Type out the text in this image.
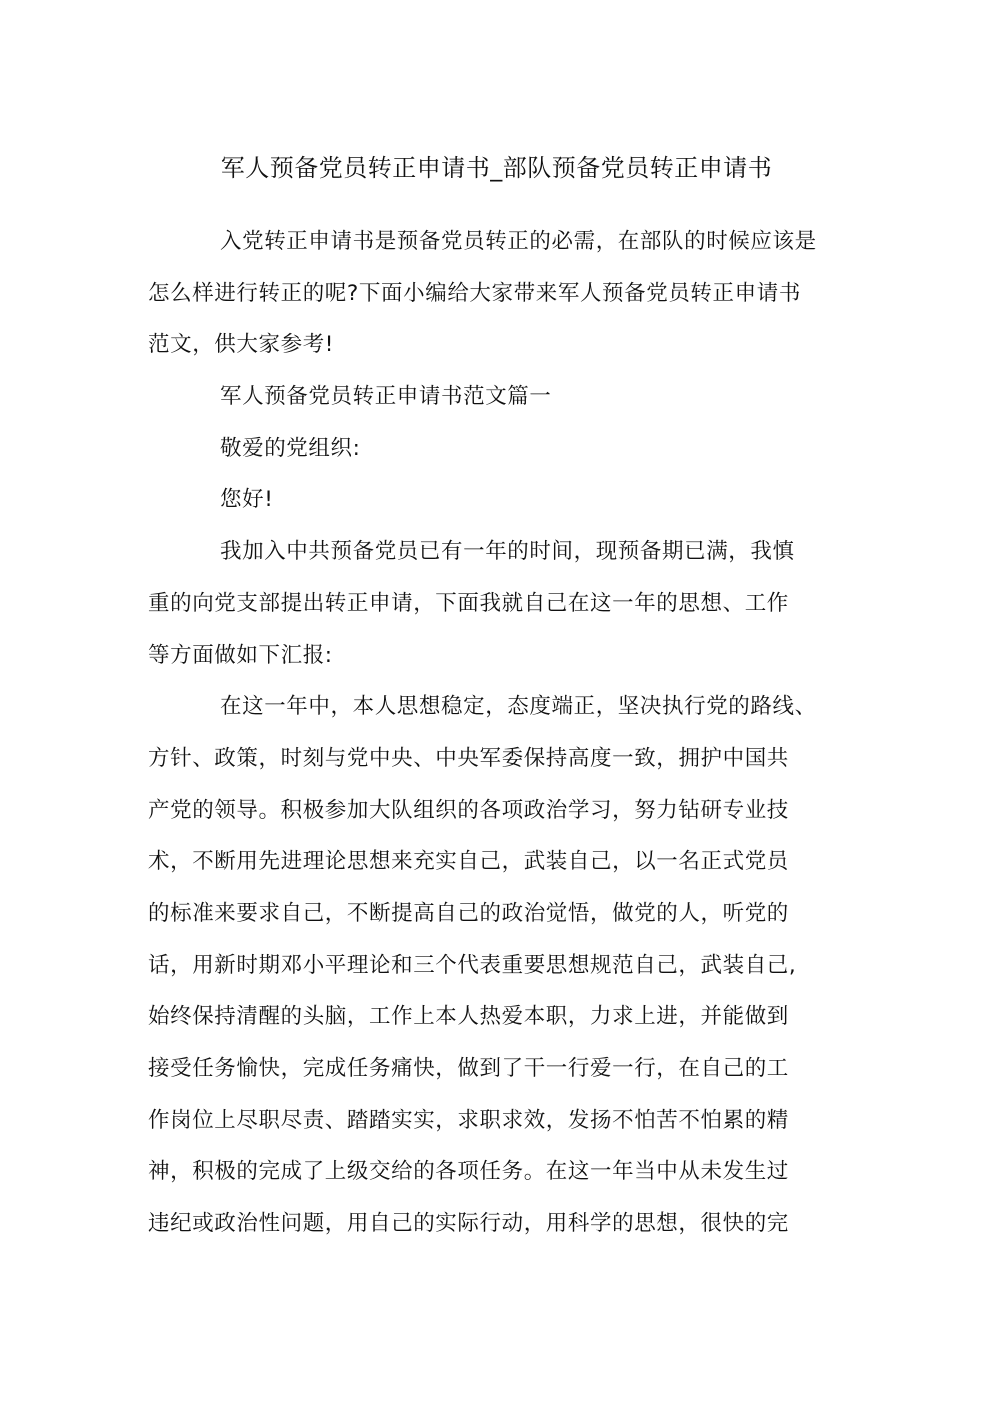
军人预备党员转正申请书_部队预备党员转正申请书
入党转正申请书是预备党员转正的必需，在部队的时候应该是
怎么样进行转正的呢?下面小编给大家带来军人预备党员转正申请书
范文，供大家参考!
军人预备党员转正申请书范文篇一
敬爱的党组织:
您好!
我加入中共预备党员已有一年的时间，现预备期已满，我慎
重的向党支部提出转正申请，下面我就自己在这一年的思想、工作
等方面做如下汇报:
在这一年中，本人思想稳定，态度端正，坚决执行党的路线、
方针、政策，时刻与党中央、中央军委保持高度一致，拥护中国共
产党的领导。积极参加大队组织的各项政治学习，努力钻研专业技
术，不断用先进理论思想来充实自己，武装自己，以一名正式党员
的标准来要求自己，不断提高自己的政治觉悟，做党的人，听党的
话，用新时期邓小平理论和三个代表重要思想规范自己，武装自己,
始终保持清醒的头脑，工作上本人热爱本职，力求上进，并能做到
接受任务愉快，完成任务痛快，做到了干一行爱一行，在自己的工
作岗位上尽职尽责、踏踏实实，求职求效，发扬不怕苦不怕累的精
神，积极的完成了上级交给的各项任务。在这一年当中从未发生过
违纪或政治性问题，用自己的实际行动，用科学的思想，很快的完
